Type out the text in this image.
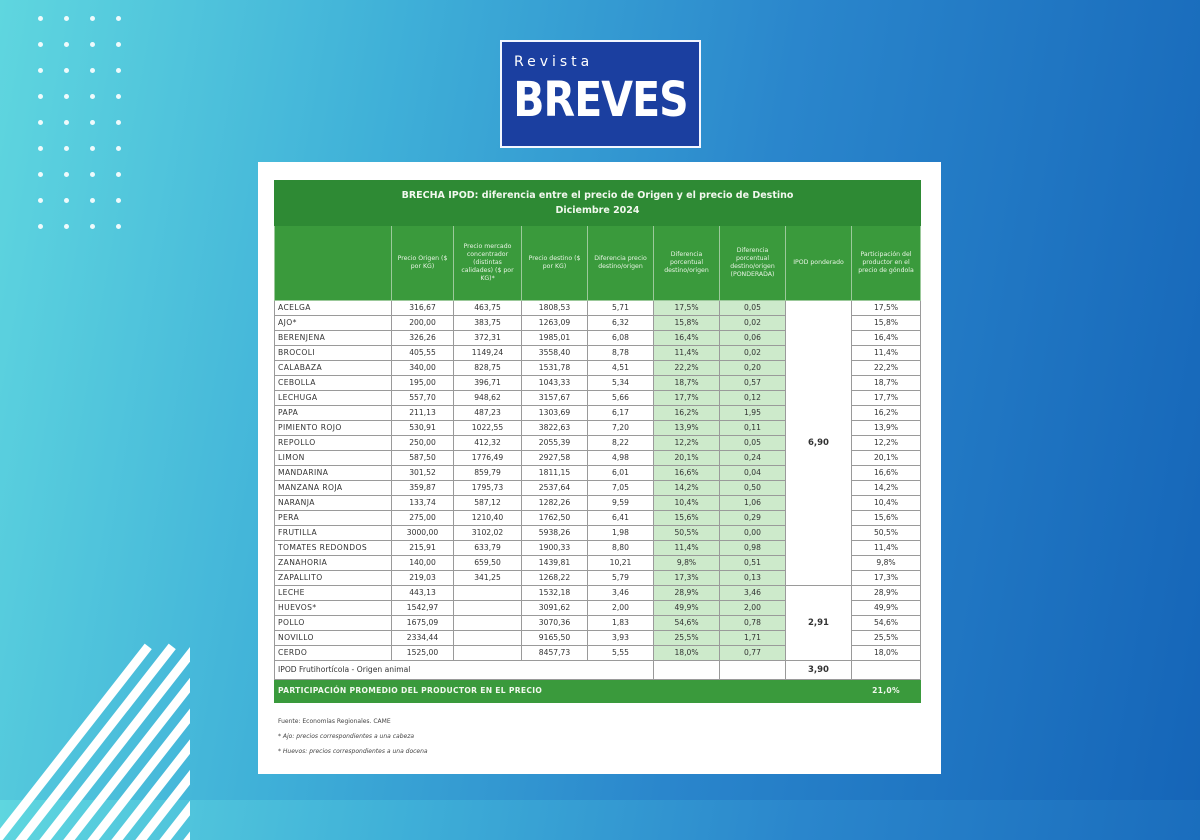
Revista
BREVES
BRECHA IPOD: diferencia entre el precio de Origen y el precio de Destino
Diciembre 2024								

	Precio Origen ($ por KG)	Precio mercado concentrador (distintas calidades) ($ por KG)*	Precio destino ($ por KG)	Diferencia precio destino/origen	Diferencia porcentual destino/origen	Diferencia porcentual destino/origen (PONDERADA)	IPOD ponderado	Participación del productor en el precio de góndola
ACELGA	316,67	463,75	1808,53	5,71	17,5%	0,05	6,90	17,5%
AJO*	200,00	383,75	1263,09	6,32	15,8%	0,02		15,8%
BERENJENA	326,26	372,31	1985,01	6,08	16,4%	0,06		16,4%
BROCOLI	405,55	1149,24	3558,40	8,78	11,4%	0,02		11,4%
CALABAZA	340,00	828,75	1531,78	4,51	22,2%	0,20		22,2%
CEBOLLA	195,00	396,71	1043,33	5,34	18,7%	0,57		18,7%
LECHUGA	557,70	948,62	3157,67	5,66	17,7%	0,12		17,7%
PAPA	211,13	487,23	1303,69	6,17	16,2%	1,95		16,2%
PIMIENTO ROJO	530,91	1022,55	3822,63	7,20	13,9%	0,11		13,9%
REPOLLO	250,00	412,32	2055,39	8,22	12,2%	0,05		12,2%
LIMON	587,50	1776,49	2927,58	4,98	20,1%	0,24		20,1%
MANDARINA	301,52	859,79	1811,15	6,01	16,6%	0,04		16,6%
MANZANA ROJA	359,87	1795,73	2537,64	7,05	14,2%	0,50		14,2%
NARANJA	133,74	587,12	1282,26	9,59	10,4%	1,06		10,4%
PERA	275,00	1210,40	1762,50	6,41	15,6%	0,29		15,6%
FRUTILLA	3000,00	3102,02	5938,26	1,98	50,5%	0,00		50,5%
TOMATES REDONDOS	215,91	633,79	1900,33	8,80	11,4%	0,98		11,4%
ZANAHORIA	140,00	659,50	1439,81	10,21	9,8%	0,51		9,8%
ZAPALLITO	219,03	341,25	1268,22	5,79	17,3%	0,13		17,3%
LECHE	443,13		1532,18	3,46	28,9%	3,46	2,91	28,9%
HUEVOS*	1542,97		3091,62	2,00	49,9%	2,00		49,9%
POLLO	1675,09		3070,36	1,83	54,6%	0,78		54,6%
NOVILLO	2334,44		9165,50	3,93	25,5%	1,71		25,5%
CERDO	1525,00		8457,73	5,55	18,0%	0,77		18,0%
IPOD Frutihortícola - Origen animal							3,90	
PARTICIPACIÓN PROMEDIO DEL PRODUCTOR EN EL PRECIO								21,0%
Fuente: Economías Regionales. CAME
* Ajo: precios correspondientes a una cabeza
* Huevos: precios correspondientes a una docena
